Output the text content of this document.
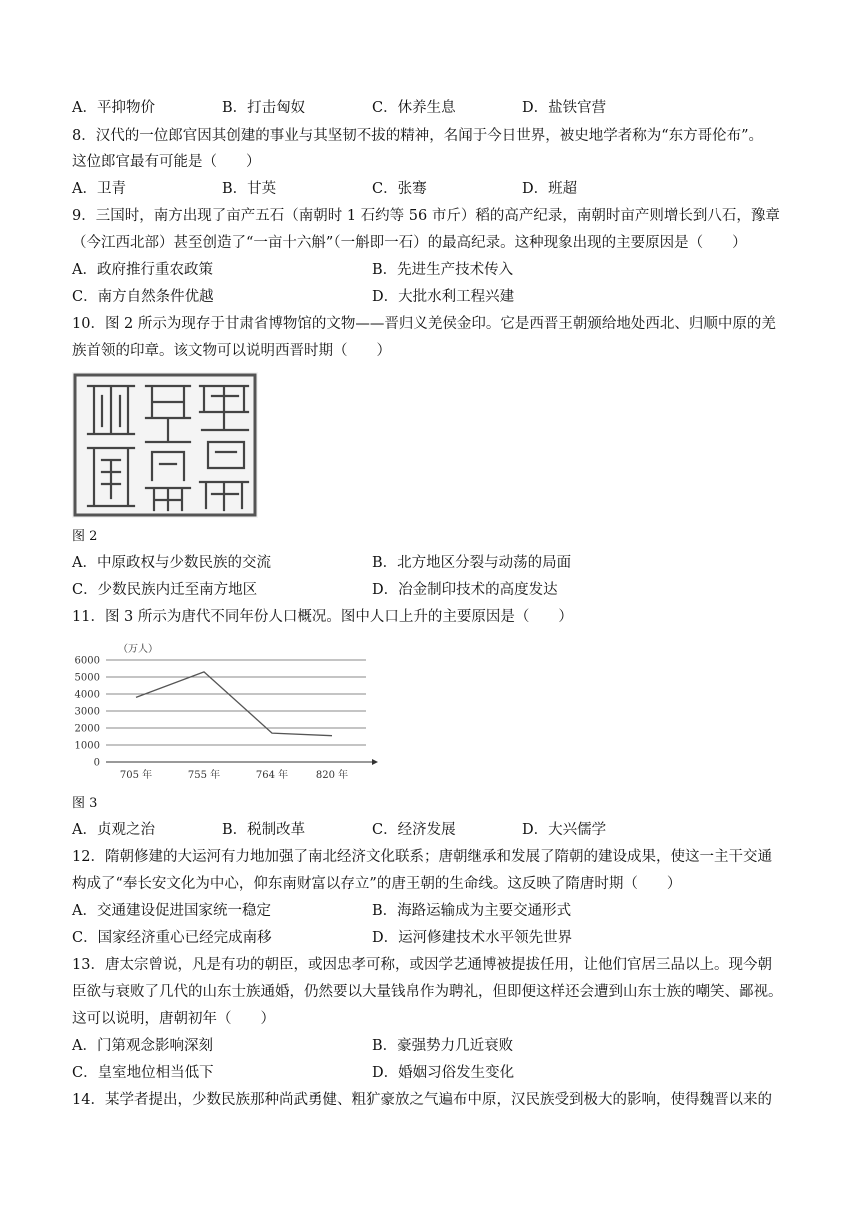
A．平抑物价	B．打击匈奴	C．休养生息	D．盐铁官营
8．汉代的一位郎官因其创建的事业与其坚韧不拔的精神，名闻于今日世界，被史地学者称为“东方哥伦布”。
这位郎官最有可能是（　　）
A．卫青	B．甘英	C．张骞	D．班超
9．三国时，南方出现了亩产五石（南朝时 1 石约等 56 市斤）稻的高产纪录，南朝时亩产则增长到八石，豫章
（今江西北部）甚至创造了“一亩十六斛”（一斛即一石）的最高纪录。这种现象出现的主要原因是（　　）
A．政府推行重农政策	B．先进生产技术传入
C．南方自然条件优越	D．大批水利工程兴建
10．图 2 所示为现存于甘肃省博物馆的文物——晋归义羌侯金印。它是西晋王朝颁给地处西北、归顺中原的羌
族首领的印章。该文物可以说明西晋时期（　　）
晋归义羌侯
图 2
A．中原政权与少数民族的交流	B．北方地区分裂与动荡的局面
C．少数民族内迁至南方地区	D．冶金制印技术的高度发达
11．图 3 所示为唐代不同年份人口概况。图中人口上升的主要原因是（　　）
0
1000
2000
3000
4000
5000
6000
705 年	755 年	764 年	820 年
（万人）
图 3
A．贞观之治	B．税制改革	C．经济发展	D．大兴儒学
12．隋朝修建的大运河有力地加强了南北经济文化联系；唐朝继承和发展了隋朝的建设成果，使这一主干交通
构成了“奉长安文化为中心，仰东南财富以存立”的唐王朝的生命线。这反映了隋唐时期（　　）
A．交通建设促进国家统一稳定	B．海路运输成为主要交通形式
C．国家经济重心已经完成南移	D．运河修建技术水平领先世界
13．唐太宗曾说，凡是有功的朝臣，或因忠孝可称，或因学艺通博被提拔任用，让他们官居三品以上。现今朝
臣欲与衰败了几代的山东士族通婚，仍然要以大量钱帛作为聘礼，但即便这样还会遭到山东士族的嘲笑、鄙视。
这可以说明，唐朝初年（　　）
A．门第观念影响深刻	B．豪强势力几近衰败
C．皇室地位相当低下	D．婚姻习俗发生变化
14．某学者提出，少数民族那种尚武勇健、粗犷豪放之气遍布中原，汉民族受到极大的影响，使得魏晋以来的
